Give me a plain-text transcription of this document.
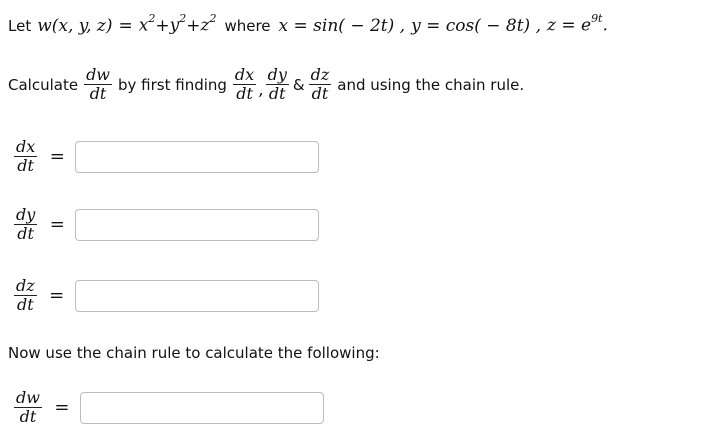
Let w(x, y, $z) = x^2 + y^2 + z^2$ where x = sin( − 2t) , y = cos( − 8t) , $z = e^{9t}$.
Calculate $\frac{dw}{dt}$ by first finding $\frac{dx}{dt}$ , $\frac{dy}{dt}$ & $\frac{dz}{dt}$ and using the chain rule.
$\frac{dx}{dt}$ =
$\frac{dy}{dt}$ =
$\frac{dz}{dt}$ =
Now use the chain rule to calculate the following:
$\frac{dw}{dt}$ =
